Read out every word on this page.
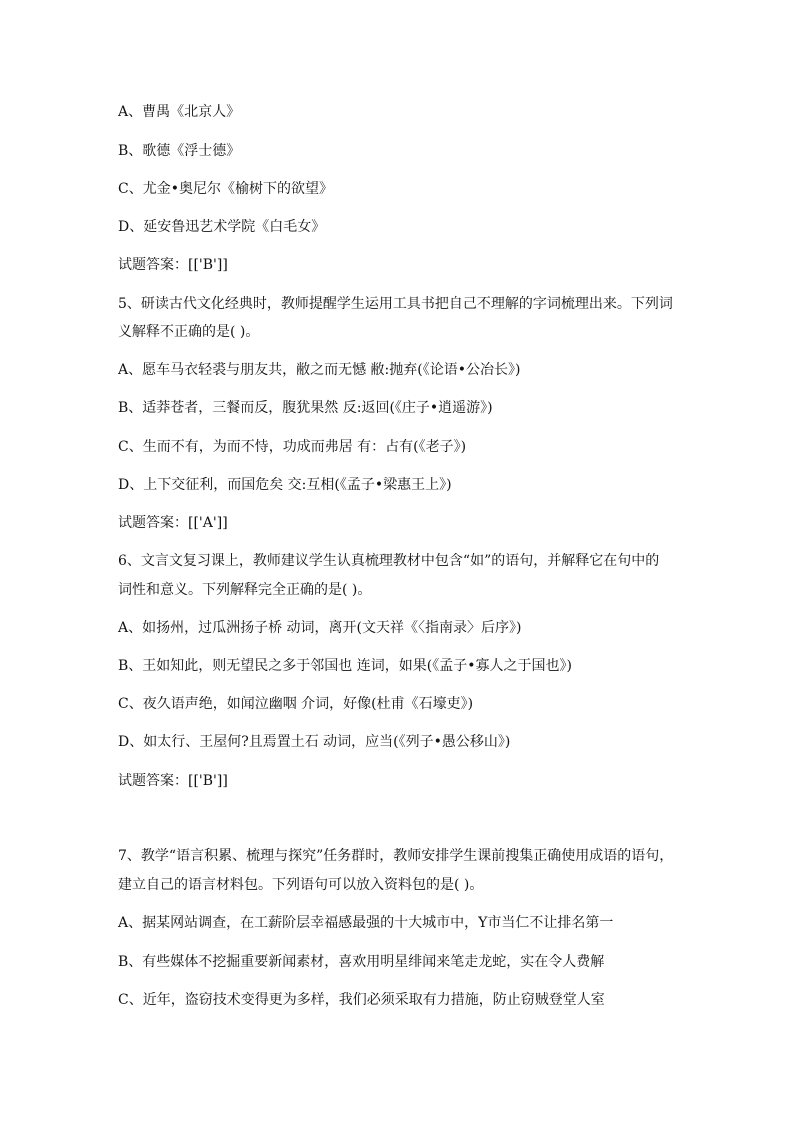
A、曹禺《北京人》
B、歌德《浮士德》
C、尤金•奥尼尔《榆树下的欲望》
D、延安鲁迅艺术学院《白毛女》
试题答案：[['B']]
5、研读古代文化经典时，教师提醒学生运用工具书把自己不理解的字词梳理出来。下列词
义解释不正确的是( )。
A、愿车马衣轻裘与朋友共，敝之而无憾 敝:抛弃(《论语•公冶长》)
B、适莽苍者，三餐而反，腹犹果然 反:返回(《庄子•逍遥游》)
C、生而不有，为而不恃，功成而弗居 有：占有(《老子》)
D、上下交征利，而国危矣 交:互相(《孟子•梁惠王上》)
试题答案：[['A']]
6、文言文复习课上，教师建议学生认真梳理教材中包含“如”的语句，并解释它在句中的
词性和意义。下列解释完全正确的是( )。
A、如扬州，过瓜洲扬子桥 动词，离开(文天祥《〈指南录〉后序》)
B、王如知此，则无望民之多于邻国也 连词，如果(《孟子•寡人之于国也》)
C、夜久语声绝，如闻泣幽咽 介词，好像(杜甫《石壕吏》)
D、如太行、王屋何?且焉置土石 动词，应当(《列子•愚公移山》)
试题答案：[['B']]
7、教学“语言积累、梳理与探究”任务群时，教师安排学生课前搜集正确使用成语的语句，
建立自己的语言材料包。下列语句可以放入资料包的是( )。
A、据某网站调查，在工薪阶层幸福感最强的十大城市中，Y市当仁不让排名第一
B、有些媒体不挖掘重要新闻素材，喜欢用明星绯闻来笔走龙蛇，实在令人费解
C、近年，盗窃技术变得更为多样，我们必须采取有力措施，防止窃贼登堂人室
